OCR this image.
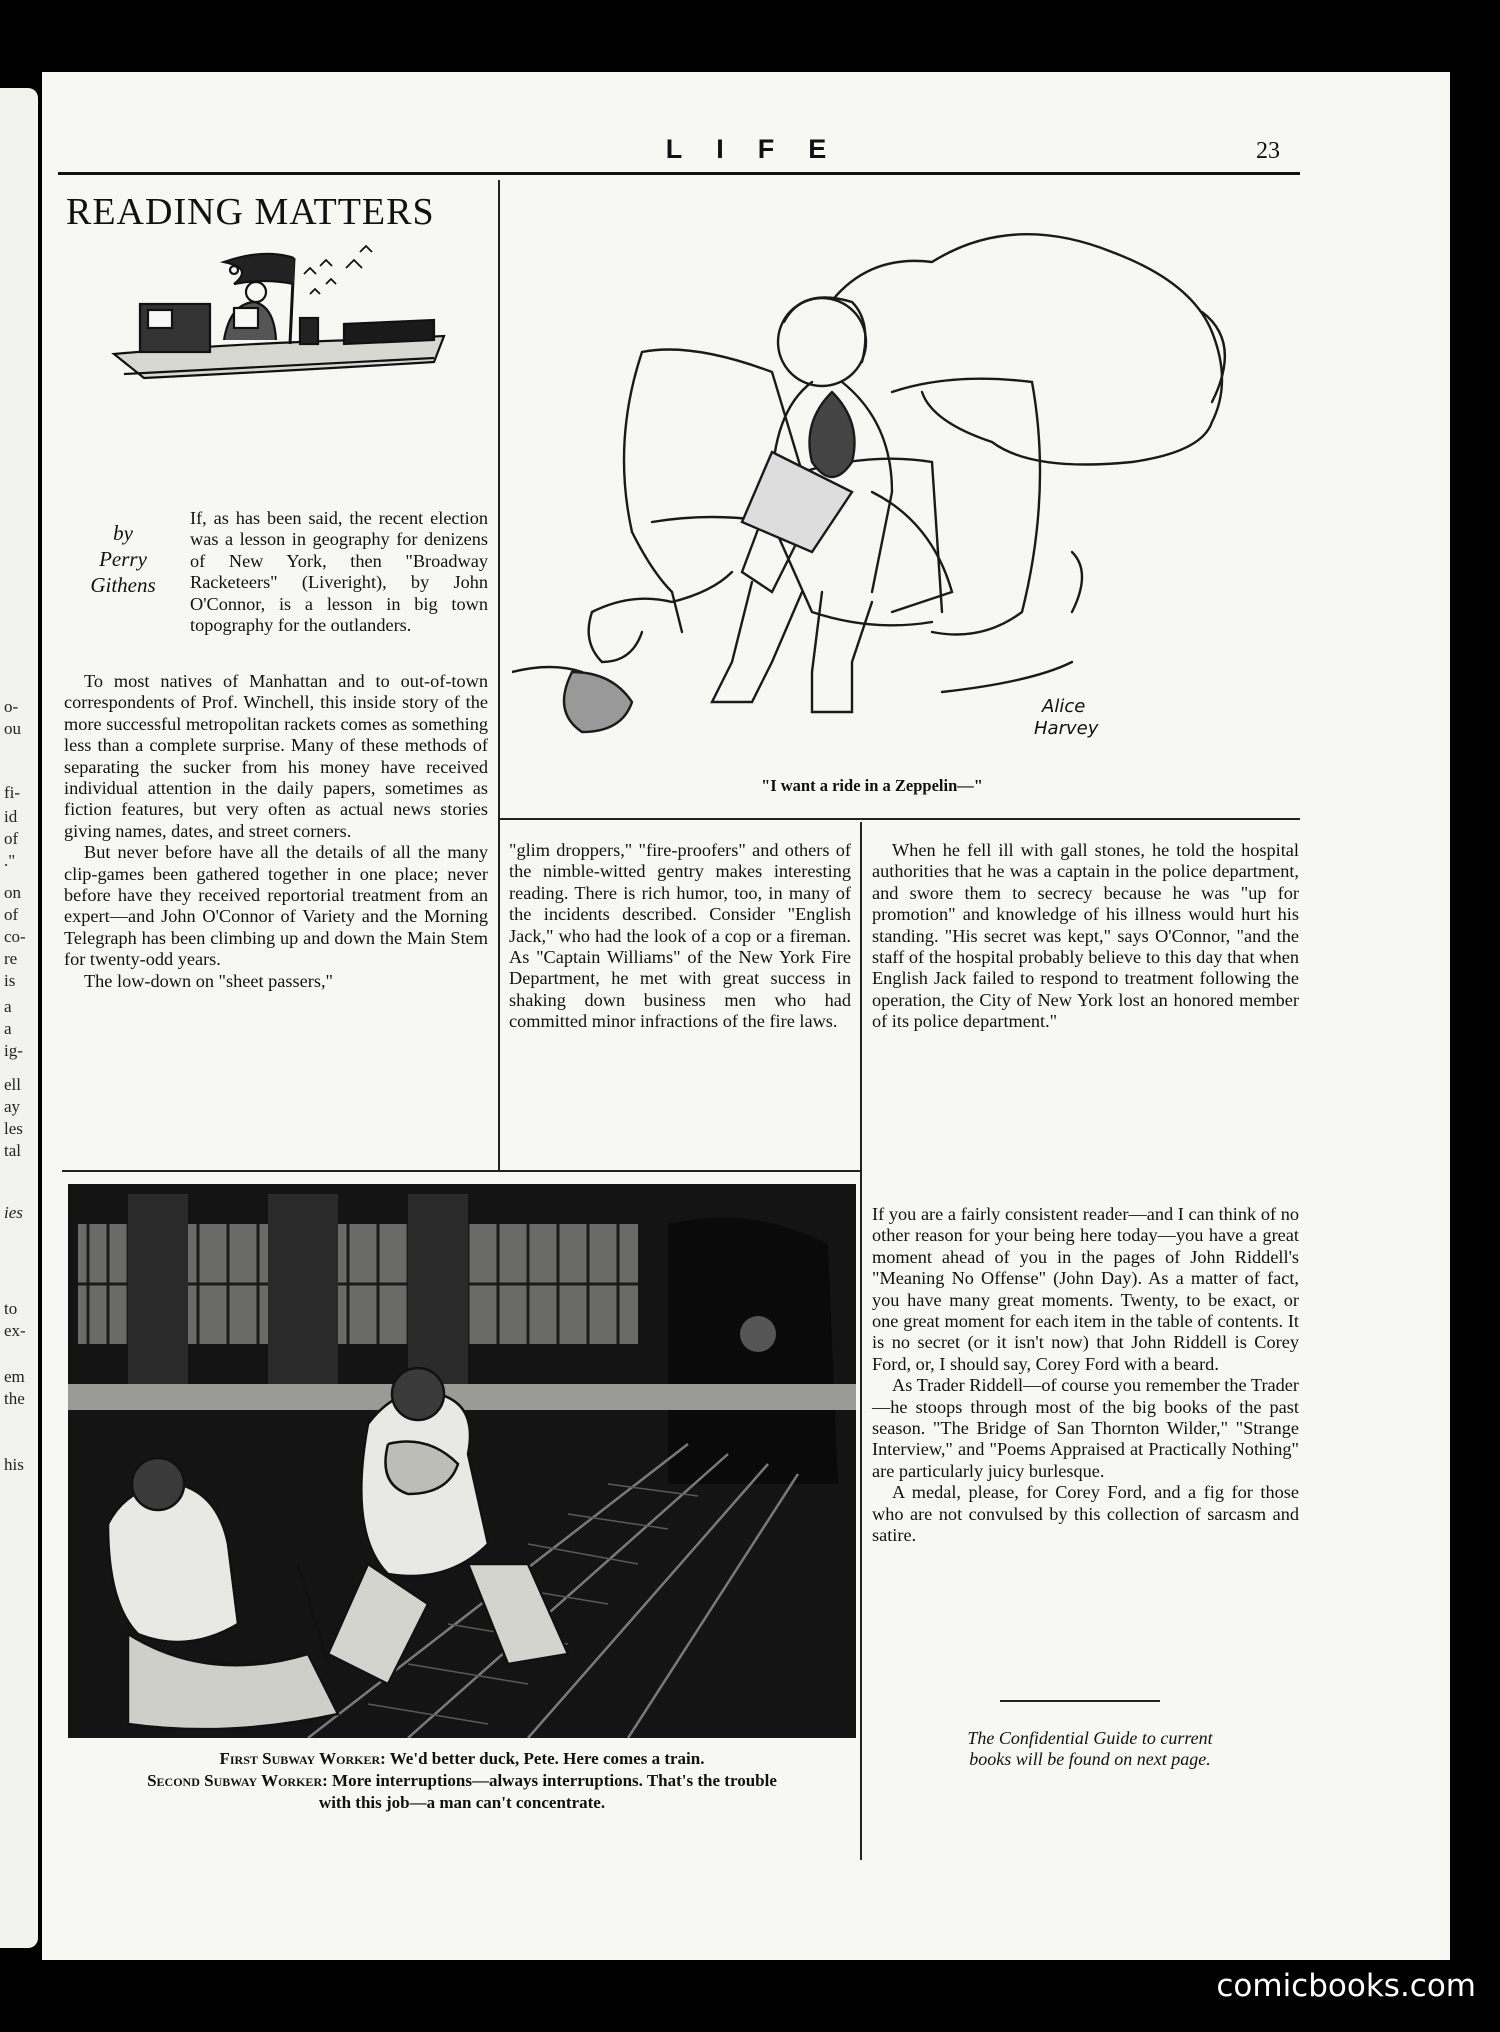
o-
ou
fi-
id
of
."
on
of
co-
re
is
a
a
ig-
ell
ay
les
tal
ies
to
ex-
em
the
his
LIFE	23
READING MATTERS
by
Perry
Githens

If, as has been said, the recent election was a lesson in geography for denizens of New York, then "Broadway Racketeers" (Liveright), by John O'Connor, is a lesson in big town topography for the outlanders.

To most natives of Manhattan and to out-of-town correspondents of Prof. Winchell, this inside story of the more successful metropolitan rackets comes as something less than a complete surprise. Many of these methods of separating the sucker from his money have received individual attention in the daily papers, sometimes as fiction features, but very often as actual news stories giving names, dates, and street corners.

But never before have all the details of all the many clip-games been gathered together in one place; never before have they received reportorial treatment from an expert—and John O'Connor of Variety and the Morning Telegraph has been climbing up and down the Main Stem for twenty-odd years.

The low-down on "sheet passers,"

Alice
Harvey
"I want a ride in a Zeppelin—"

"glim droppers," "fire-proofers" and others of the nimble-witted gentry makes interesting reading. There is rich humor, too, in many of the incidents described. Consider "English Jack," who had the look of a cop or a fireman. As "Captain Williams" of the New York Fire Department, he met with great success in shaking down business men who had committed minor infractions of the fire laws.

When he fell ill with gall stones, he told the hospital authorities that he was a captain in the police department, and swore them to secrecy because he was "up for promotion" and knowledge of his illness would hurt his standing. "His secret was kept," says O'Connor, "and the staff of the hospital probably believe to this day that when English Jack failed to respond to treatment following the operation, the City of New York lost an honored member of its police department."

First Subway Worker: We'd better duck, Pete. Here comes a train.
Second Subway Worker: More interruptions—always interruptions. That's the trouble
with this job—a man can't concentrate.

If you are a fairly consistent reader—and I can think of no other reason for your being here today—you have a great moment ahead of you in the pages of John Riddell's "Meaning No Offense" (John Day). As a matter of fact, you have many great moments. Twenty, to be exact, or one great moment for each item in the table of contents. It is no secret (or it isn't now) that John Riddell is Corey Ford, or, I should say, Corey Ford with a beard.

As Trader Riddell—of course you remember the Trader—he stoops through most of the big books of the past season. "The Bridge of San Thornton Wilder," "Strange Interview," and "Poems Appraised at Practically Nothing" are particularly juicy burlesque.

A medal, please, for Corey Ford, and a fig for those who are not convulsed by this collection of sarcasm and satire.

The Confidential Guide to current
books will be found on next page.
comicbooks.com
